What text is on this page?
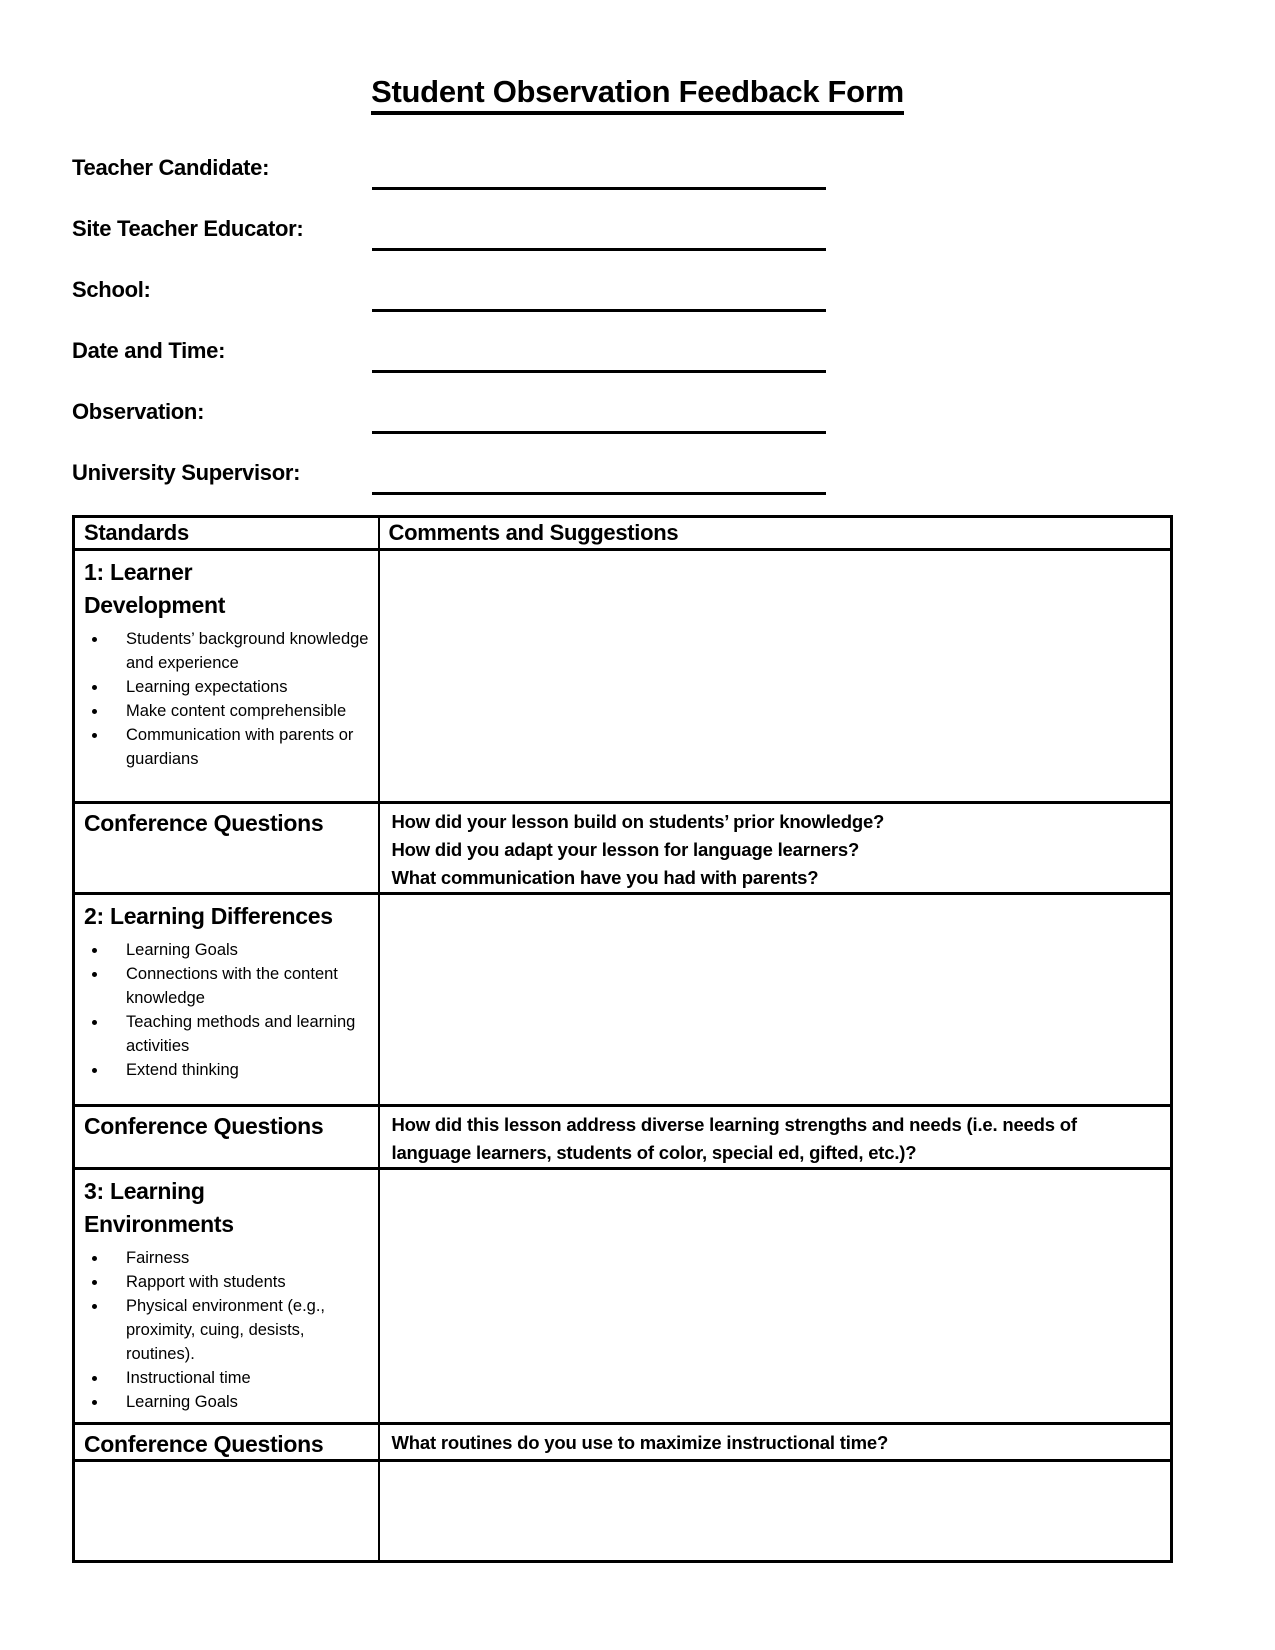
Student Observation Feedback Form
Teacher Candidate:
Site Teacher Educator:
School:
Date and Time:
Observation:
University Supervisor:
Standards	Comments and Suggestions

1: Learner Development
• Students’ background knowledge and experience
• Learning expectations
• Make content comprehensible
• Communication with parents or guardians

Conference Questions	How did your lesson build on students’ prior knowledge?
How did you adapt your lesson for language learners?
What communication have you had with parents?

2: Learning Differences
• Learning Goals
• Connections with the content knowledge
• Teaching methods and learning activities
• Extend thinking

Conference Questions	How did this lesson address diverse learning strengths and needs (i.e. needs of language learners, students of color, special ed, gifted, etc.)?

3: Learning Environments
• Fairness
• Rapport with students
• Physical environment (e.g., proximity, cuing, desists, routines).
• Instructional time
• Learning Goals

Conference Questions	What routines do you use to maximize instructional time?
